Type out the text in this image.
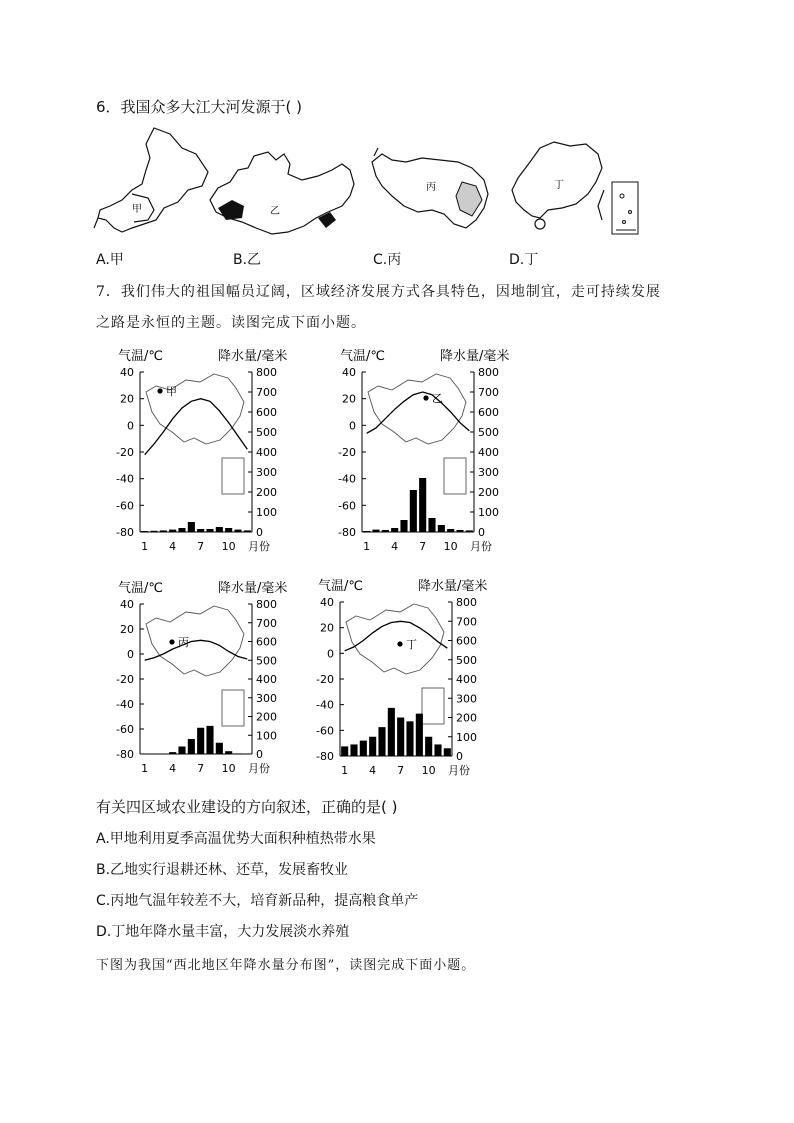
6．我国众多大江大河发源于( )
甲	乙
丙	丁
A.甲	B.乙	C.丙	D.丁
7．我们伟大的祖国幅员辽阔，区域经济发展方式各具特色，因地制宜，走可持续发展
之路是永恒的主题。读图完成下面小题。
气温/℃	降水量/毫米
甲
40
20
0
-20
-40
-60
-80
800
700
600
500
400
300
200
100
0
1 4 7 10 月份
气温/℃	降水量/毫米
乙
40
20
0
-20
-40
-60
-80
800
700
600
500
400
300
200
100
0
1 4 7 10 月份
气温/℃	降水量/毫米
丙
40
20
0
-20
-40
-60
-80
800
700
600
500
400
300
200
100
0
1 4 7 10 月份
气温/℃	降水量/毫米
丁
40
20
0
-20
-40
-60
-80
800
700
600
500
400
300
200
100
0
1 4 7 10 月份
有关四区域农业建设的方向叙述，正确的是( )
A.甲地利用夏季高温优势大面积种植热带水果
B.乙地实行退耕还林、还草，发展畜牧业
C.丙地气温年较差不大，培育新品种，提高粮食单产
D.丁地年降水量丰富，大力发展淡水养殖
下图为我国“西北地区年降水量分布图”，读图完成下面小题。
